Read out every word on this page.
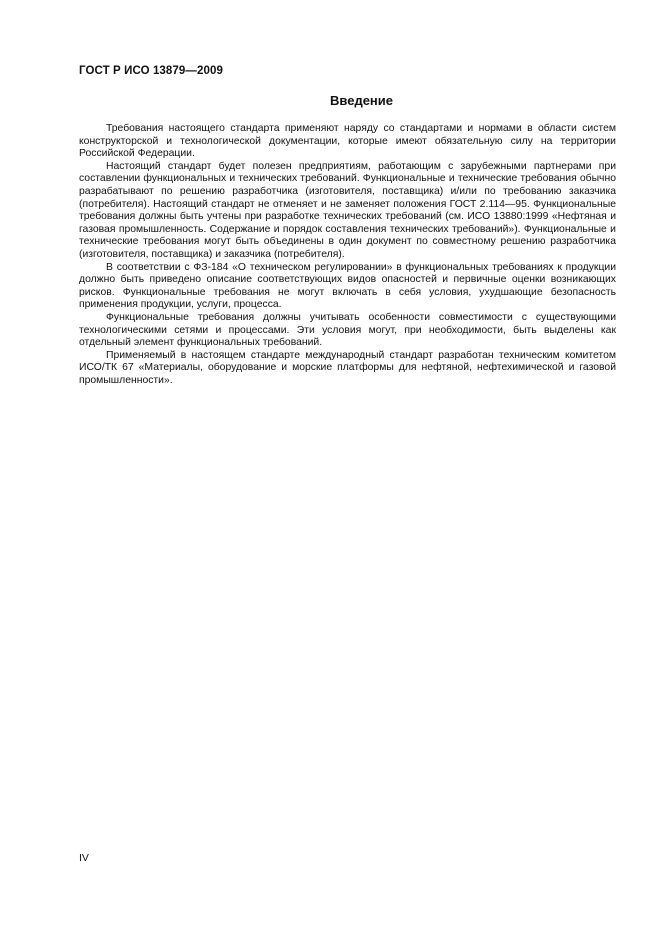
ГОСТ Р ИСО 13879—2009
Введение

Требования настоящего стандарта применяют наряду со стандартами и нормами в области систем конструкторской и технологической документации, которые имеют обязательную силу на территории Российской Федерации.

Настоящий стандарт будет полезен предприятиям, работающим с зарубежными партнерами при составлении функциональных и технических требований. Функциональные и технические требования обычно разрабатывают по решению разработчика (изготовителя, поставщика) и/или по требованию заказчика (потребителя). Настоящий стандарт не отменяет и не заменяет положения ГОСТ 2.114—95. Функциональные требования должны быть учтены при разработке технических требований (см. ИСО 13880:1999 «Нефтяная и газовая промышленность. Содержание и порядок составления технических требований»). Функциональные и технические требования могут быть объединены в один документ по совместному решению разработчика (изготовителя, поставщика) и заказчика (потребителя).

В соответствии с ФЗ-184 «О техническом регулировании» в функциональных требованиях к продукции должно быть приведено описание соответствующих видов опасностей и первичные оценки возникающих рисков. Функциональные требования не могут включать в себя условия, ухудшающие безопасность применения продукции, услуги, процесса.

Функциональные требования должны учитывать особенности совместимости с существующими технологическими сетями и процессами. Эти условия могут, при необходимости, быть выделены как отдельный элемент функциональных требований.

Применяемый в настоящем стандарте международный стандарт разработан техническим комитетом ИСО/ТК 67 «Материалы, оборудование и морские платформы для нефтяной, нефтехимической и газовой промышленности».

IV
